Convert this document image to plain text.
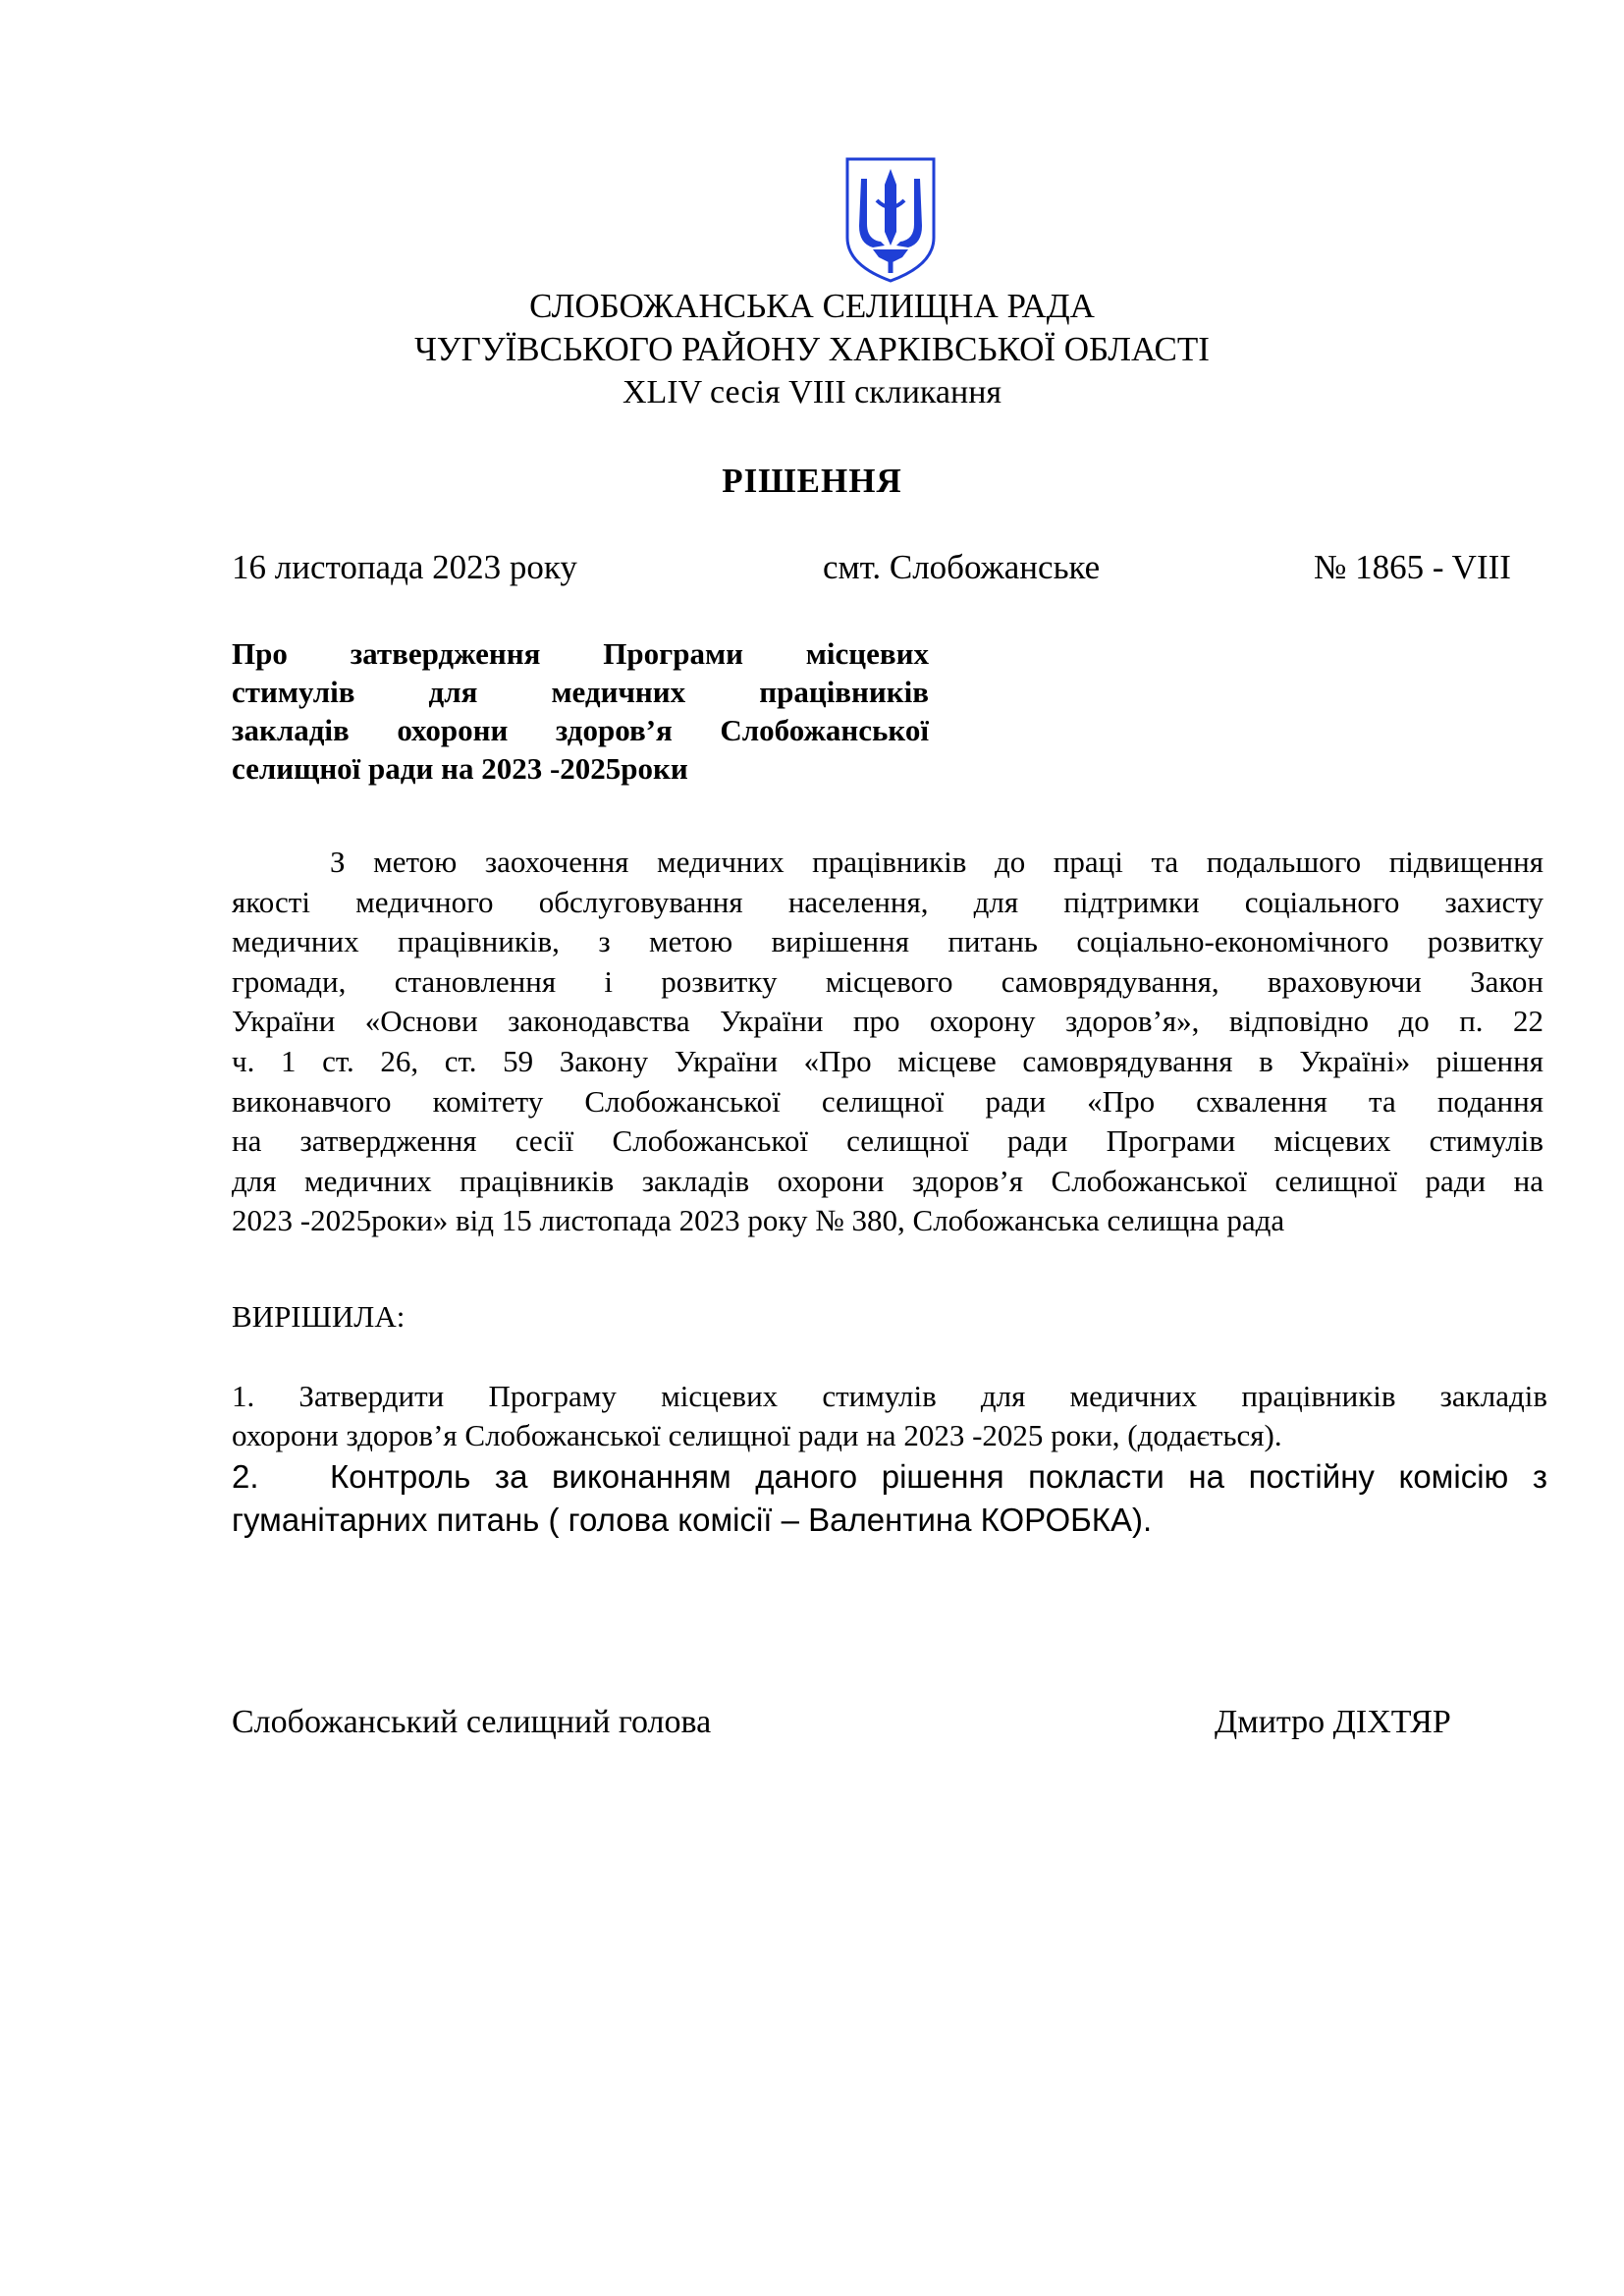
СЛОБОЖАНСЬКА СЕЛИЩНА РАДА
ЧУГУЇВСЬКОГО РАЙОНУ ХАРКІВСЬКОЇ ОБЛАСТІ
XLIV сесія VIII скликання
РІШЕННЯ
16 листопада 2023 року	смт. Слобожанське	№ 1865 - VIII
Про затвердження Програми місцевих
стимулів для медичних працівників
закладів охорони здоров’я Слобожанської
селищної ради на 2023 -2025роки
З метою заохочення медичних працівників до праці та подальшого підвищення
якості медичного обслуговування населення, для підтримки соціального захисту
медичних працівників, з метою вирішення питань соціально-економічного розвитку
громади, становлення і розвитку місцевого самоврядування, враховуючи Закон
України «Основи законодавства України про охорону здоров’я», відповідно до п. 22
ч. 1 ст. 26, ст. 59 Закону України «Про місцеве самоврядування в Україні» рішення
виконавчого комітету Слобожанської селищної ради «Про схвалення та подання
на затвердження сесії Слобожанської селищної ради Програми місцевих стимулів
для медичних працівників закладів охорони здоров’я Слобожанської селищної ради на
2023 -2025роки» від 15 листопада 2023 року № 380, Слобожанська селищна рада
ВИРІШИЛА:
1. Затвердити Програму місцевих стимулів для медичних працівників закладів
охорони здоров’я Слобожанської селищної ради на 2023 -2025 роки, (додається).
2. Контроль за виконанням даного рішення покласти на постійну комісію з
гуманітарних питань ( голова комісії – Валентина КОРОБКА).
Слобожанський селищний голова	Дмитро ДІХТЯР
